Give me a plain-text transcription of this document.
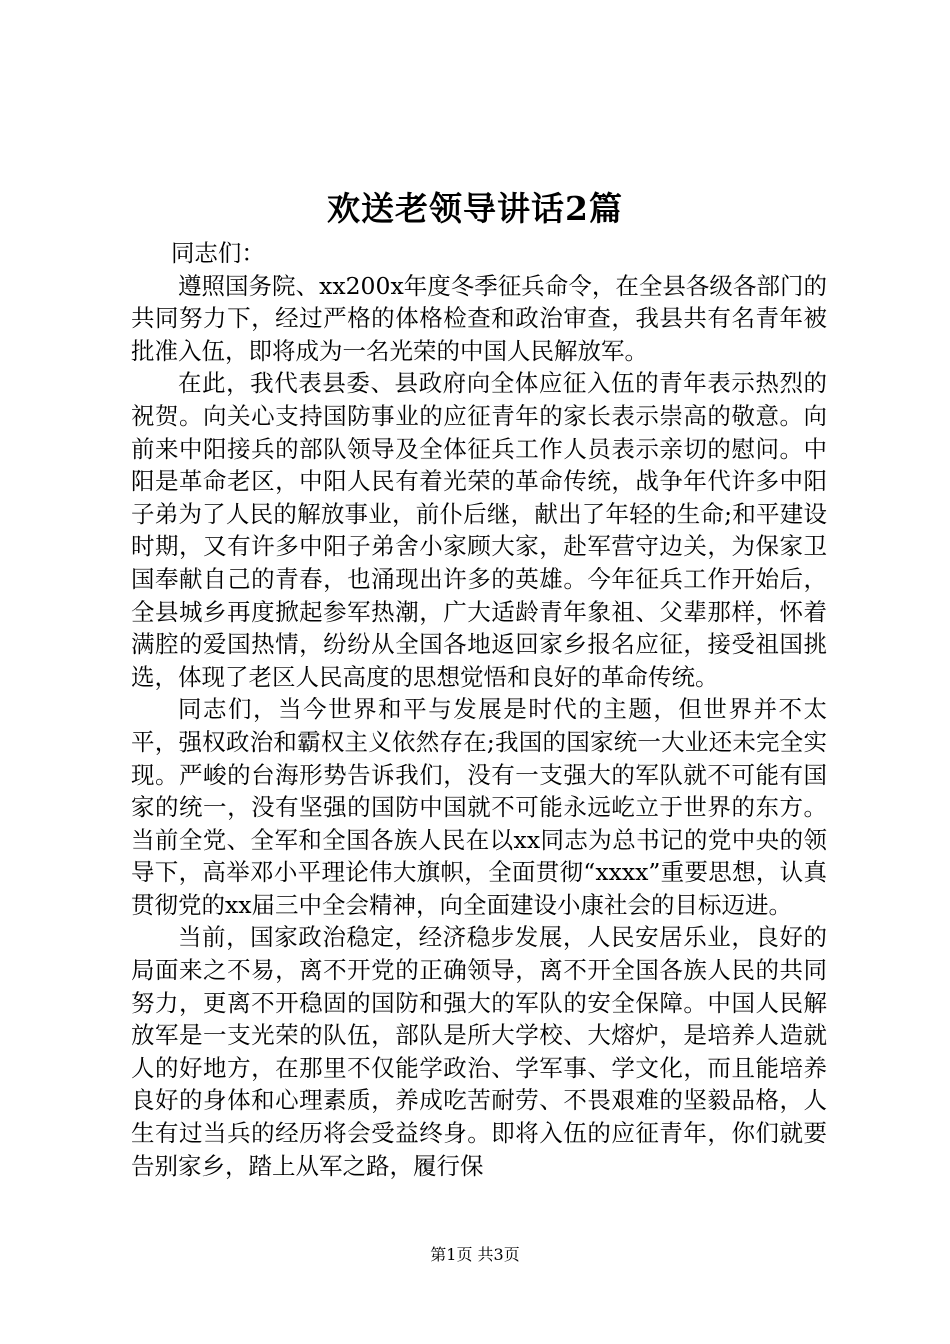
欢送老领导讲话2篇

同志们：

遵照国务院、xx200x年度冬季征兵命令，在全县各级各部门的共同努力下，经过严格的体格检查和政治审查，我县共有名青年被批准入伍，即将成为一名光荣的中国人民解放军。

在此，我代表县委、县政府向全体应征入伍的青年表示热烈的祝贺。向关心支持国防事业的应征青年的家长表示崇高的敬意。向前来中阳接兵的部队领导及全体征兵工作人员表示亲切的慰问。中阳是革命老区，中阳人民有着光荣的革命传统，战争年代许多中阳子弟为了人民的解放事业，前仆后继，献出了年轻的生命;和平建设时期，又有许多中阳子弟舍小家顾大家，赴军营守边关，为保家卫国奉献自己的青春，也涌现出许多的英雄。今年征兵工作开始后，全县城乡再度掀起参军热潮，广大适龄青年象祖、父辈那样，怀着满腔的爱国热情，纷纷从全国各地返回家乡报名应征，接受祖国挑选，体现了老区人民高度的思想觉悟和良好的革命传统。

同志们，当今世界和平与发展是时代的主题，但世界并不太平，强权政治和霸权主义依然存在;我国的国家统一大业还未完全实现。严峻的台海形势告诉我们，没有一支强大的军队就不可能有国家的统一，没有坚强的国防中国就不可能永远屹立于世界的东方。当前全党、全军和全国各族人民在以xx同志为总书记的党中央的领导下，高举邓小平理论伟大旗帜，全面贯彻“xxxx”重要思想，认真贯彻党的xx届三中全会精神，向全面建设小康社会的目标迈进。

当前，国家政治稳定，经济稳步发展，人民安居乐业，良好的局面来之不易，离不开党的正确领导，离不开全国各族人民的共同努力，更离不开稳固的国防和强大的军队的安全保障。中国人民解放军是一支光荣的队伍，部队是所大学校、大熔炉，是培养人造就人的好地方，在那里不仅能学政治、学军事、学文化，而且能培养良好的身体和心理素质，养成吃苦耐劳、不畏艰难的坚毅品格，人生有过当兵的经历将会受益终身。即将入伍的应征青年，你们就要告别家乡，踏上从军之路，履行保

第1页 共3页
